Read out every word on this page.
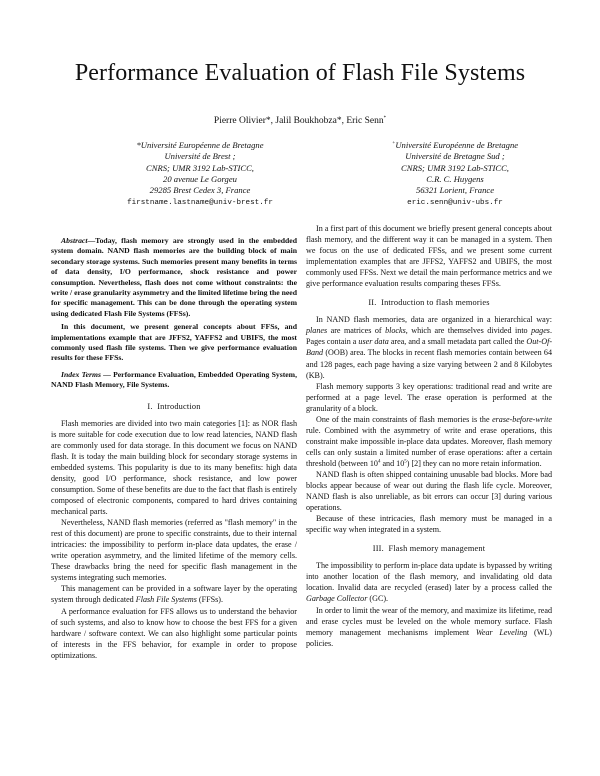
Performance Evaluation of Flash File Systems
Pierre Olivier*, Jalil Boukhobza*, Eric Senn*
*Université Européenne de Bretagne
Université de Brest ;
CNRS; UMR 3192 Lab-STICC,
20 avenue Le Gorgeu
29285 Brest Cedex 3, France
firstname.lastname@univ-brest.fr
+Université Européenne de Bretagne
Université de Bretagne Sud ;
CNRS; UMR 3192 Lab-STICC,
C.R. C. Huygens
56321 Lorient, France
eric.senn@univ-ubs.fr

Abstract—Today, flash memory are strongly used in the embedded system domain. NAND flash memories are the building block of main secondary storage systems. Such memories present many benefits in terms of data density, I/O performance, shock resistance and power consumption. Nevertheless, flash does not come without constraints: the write / erase granularity asymmetry and the limited lifetime bring the need for specific management. This can be done through the operating system using dedicated Flash File Systems (FFSs).

In this document, we present general concepts about FFSs, and implementations example that are JFFS2, YAFFS2 and UBIFS, the most commonly used flash file systems. Then we give performance evaluation results for these FFSs.

Index Terms — Performance Evaluation, Embedded Operating System, NAND Flash Memory, File Systems.

I. Introduction

Flash memories are divided into two main categories [1]: as NOR flash is more suitable for code execution due to low read latencies, NAND flash are commonly used for data storage. In this document we focus on NAND flash. It is today the main building block for secondary storage systems in embedded systems. This popularity is due to its many benefits: high data density, good I/O performance, shock resistance, and low power consumption. Some of these benefits are due to the fact that flash is entirely composed of electronic components, compared to hard drives containing mechanical parts.

Nevertheless, NAND flash memories (referred as "flash memory" in the rest of this document) are prone to specific constraints, due to their internal intricacies: the impossibility to perform in-place data updates, the erase / write operation asymmetry, and the limited lifetime of the memory cells. These drawbacks bring the need for specific flash management in the systems integrating such memories.

This management can be provided in a software layer by the operating system through dedicated Flash File Systems (FFSs).

A performance evaluation for FFS allows us to understand the behavior of such systems, and also to know how to choose the best FFS for a given hardware / software context. We can also highlight some particular points of interests in the FFS behavior, for example in order to propose optimizations.

In a first part of this document we briefly present general concepts about flash memory, and the different way it can be managed in a system. Then we focus on the use of dedicated FFSs, and we present some current implementation examples that are JFFS2, YAFFS2 and UBIFS, the most commonly used FFSs. Next we detail the main performance metrics and we give performance evaluation results comparing theses FFSs.

II. Introduction to flash memories

In NAND flash memories, data are organized in a hierarchical way: planes are matrices of blocks, which are themselves divided into pages. Pages contain a user data area, and a small metadata part called the Out-Of-Band (OOB) area. The blocks in recent flash memories contain between 64 and 128 pages, each page having a size varying between 2 and 8 Kilobytes (KB).

Flash memory supports 3 key operations: traditional read and write are performed at a page level. The erase operation is performed at the granularity of a block.

One of the main constraints of flash memories is the erase-before-write rule. Combined with the asymmetry of write and erase operations, this constraint make impossible in-place data updates. Moreover, flash memory cells can only sustain a limited number of erase operations: after a certain threshold (between $10^4$ and $10^5$) [2] they can no more retain information.

NAND flash is often shipped containing unusable bad blocks. More bad blocks appear because of wear out during the flash life cycle. Moreover, NAND flash is also unreliable, as bit errors can occur [3] during various operations.

Because of these intricacies, flash memory must be managed in a specific way when integrated in a system.

III. Flash memory management

The impossibility to perform in-place data update is bypassed by writing into another location of the flash memory, and invalidating old data location. Invalid data are recycled (erased) later by a process called the Garbage Collector (GC).

In order to limit the wear of the memory, and maximize its lifetime, read and erase cycles must be leveled on the whole memory surface. Flash memory management mechanisms implement Wear Leveling (WL) policies.
